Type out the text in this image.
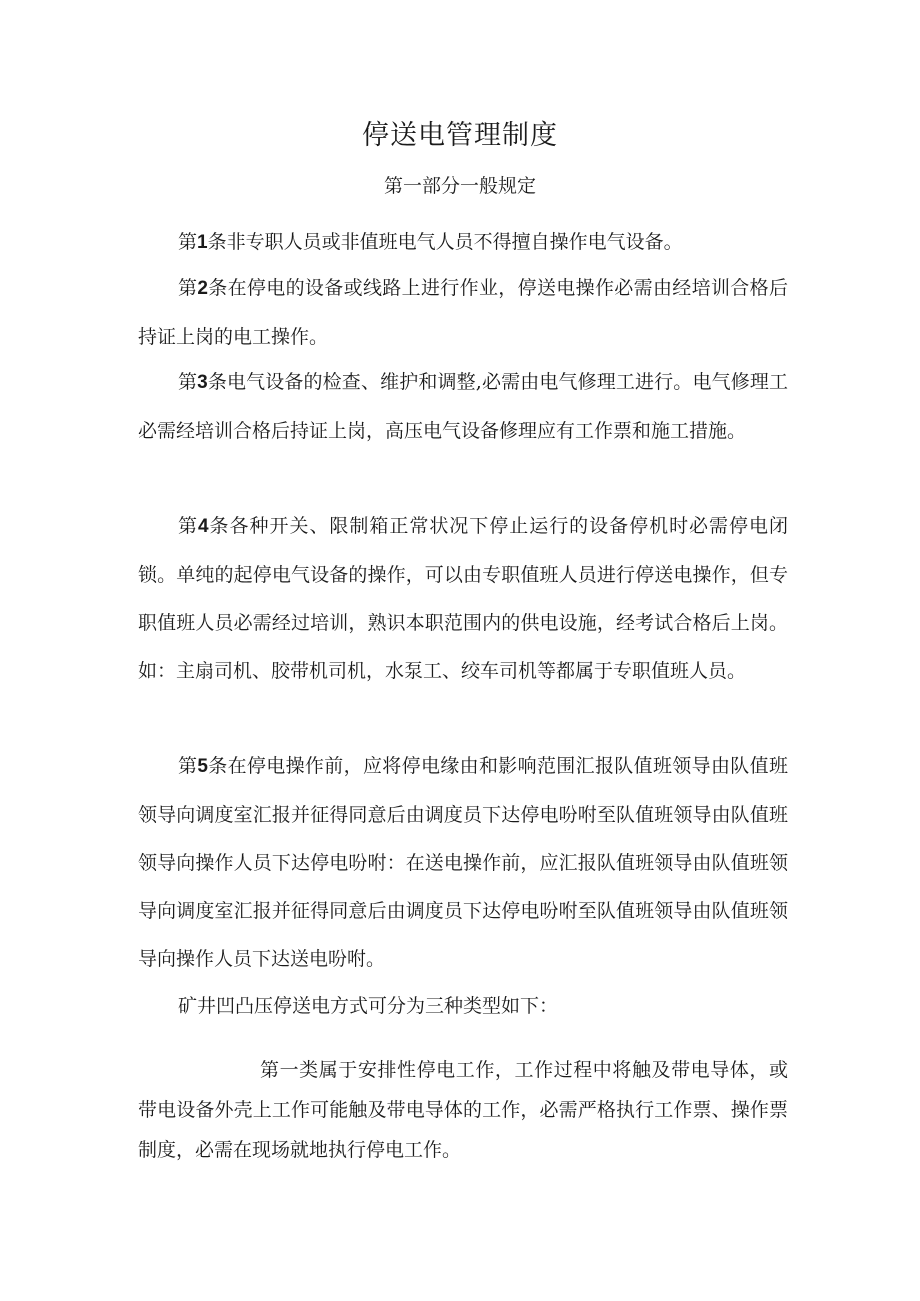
停送电管理制度
第一部分一般规定

第1条非专职人员或非值班电气人员不得擅自操作电气设备。

第2条在停电的设备或线路上进行作业，停送电操作必需由经培训合格后持证上岗的电工操作。

第3条电气设备的检查、维护和调整,必需由电气修理工进行。电气修理工必需经培训合格后持证上岗，高压电气设备修理应有工作票和施工措施。

第4条各种开关、限制箱正常状况下停止运行的设备停机时必需停电闭锁。单纯的起停电气设备的操作，可以由专职值班人员进行停送电操作，但专职值班人员必需经过培训，熟识本职范围内的供电设施，经考试合格后上岗。如：主扇司机、胶带机司机，水泵工、绞车司机等都属于专职值班人员。

第5条在停电操作前，应将停电缘由和影响范围汇报队值班领导由队值班领导向调度室汇报并征得同意后由调度员下达停电吩咐至队值班领导由队值班领导向操作人员下达停电吩咐：在送电操作前，应汇报队值班领导由队值班领导向调度室汇报并征得同意后由调度员下达停电吩咐至队值班领导由队值班领导向操作人员下达送电吩咐。

矿井凹凸压停送电方式可分为三种类型如下：

第一类属于安排性停电工作，工作过程中将触及带电导体，或带电设备外壳上工作可能触及带电导体的工作，必需严格执行工作票、操作票制度，必需在现场就地执行停电工作。
